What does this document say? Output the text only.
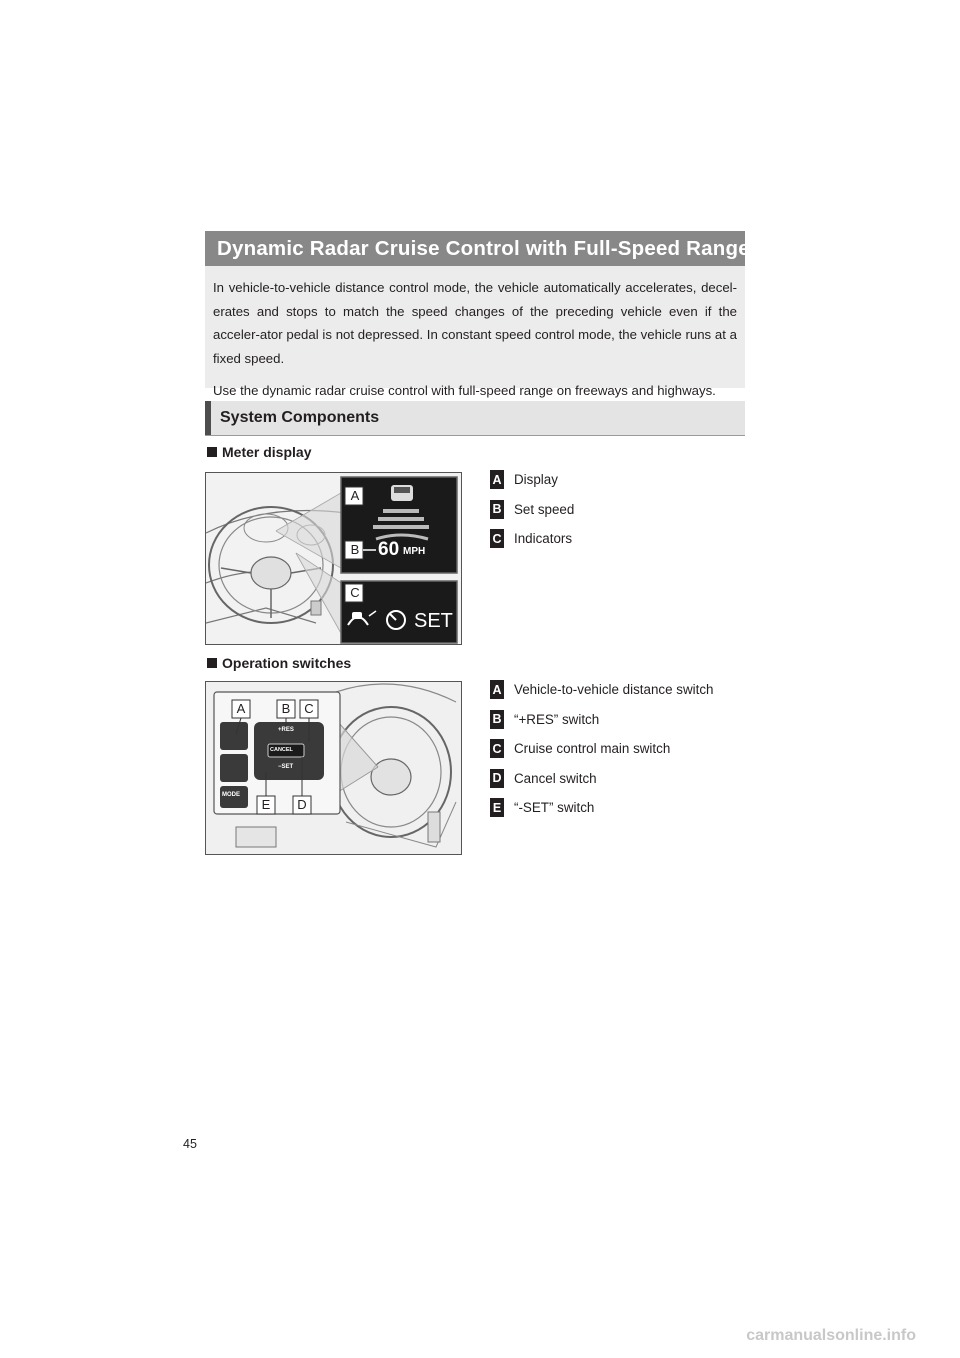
Dynamic Radar Cruise Control with Full-Speed Range

In vehicle-to-vehicle distance control mode, the vehicle automatically accelerates, decel-erates and stops to match the speed changes of the preceding vehicle even if the acceler-ator pedal is not depressed. In constant speed control mode, the vehicle runs at a fixed speed.

Use the dynamic radar cruise control with full-speed range on freeways and highways.

System Components
Meter display
A
B
C
60 MPH
SET
A Display
B Set speed
C Indicators
Operation switches
A	B	C
E	D
+RES
CANCEL
−SET
MODE
A Vehicle-to-vehicle distance switch
B “+RES” switch
C Cruise control main switch
D Cancel switch
E “-SET” switch
45
carmanualsonline.info
